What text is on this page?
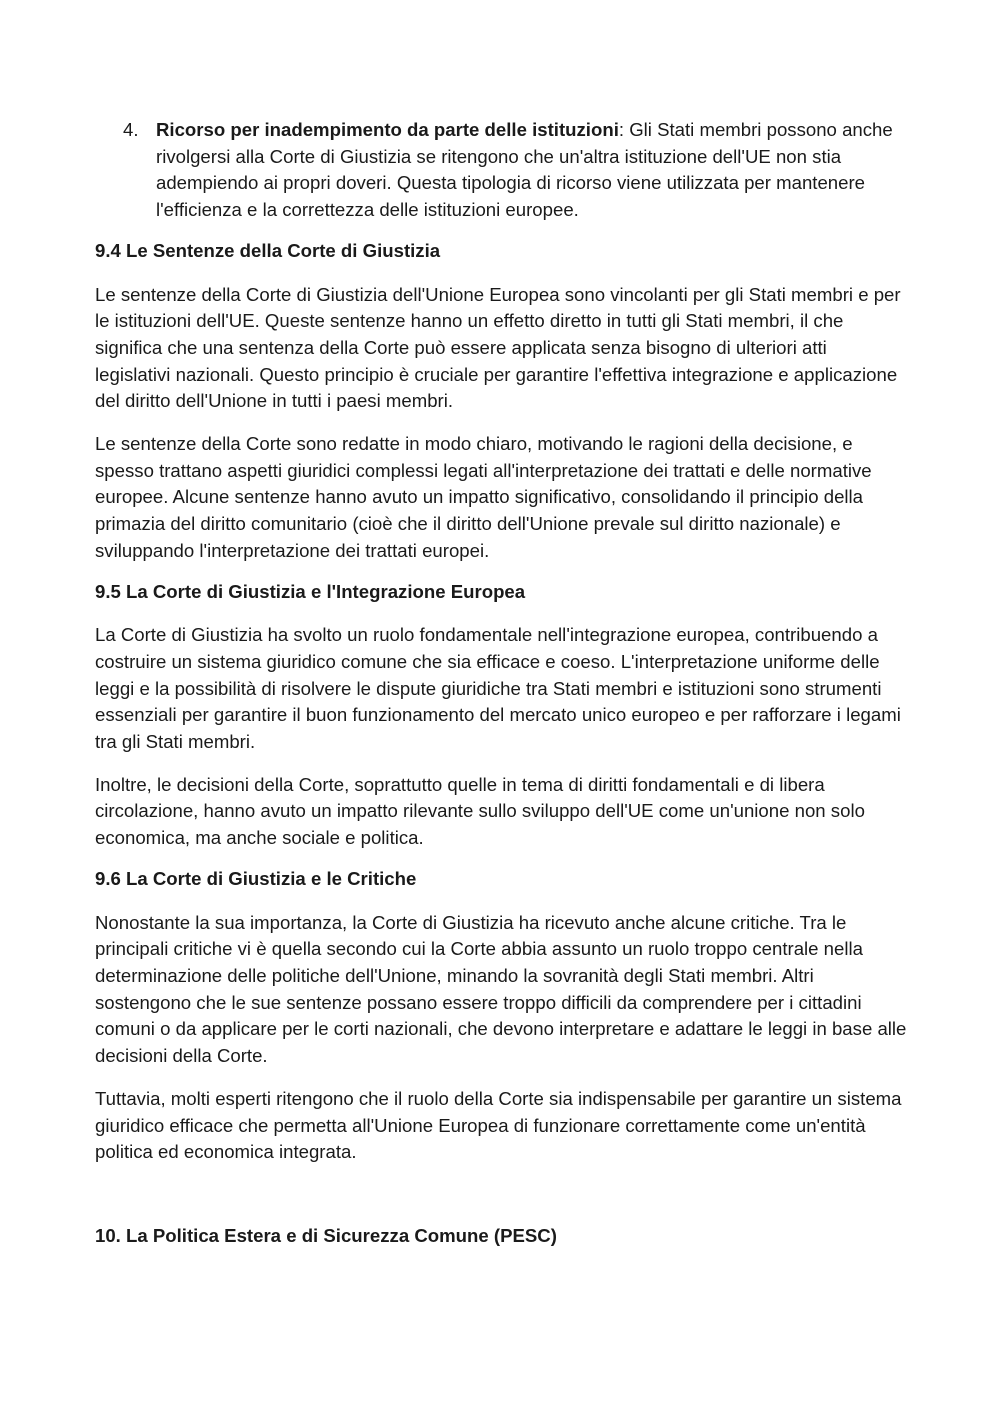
4. Ricorso per inadempimento da parte delle istituzioni: Gli Stati membri possono anche rivolgersi alla Corte di Giustizia se ritengono che un'altra istituzione dell'UE non stia adempiendo ai propri doveri. Questa tipologia di ricorso viene utilizzata per mantenere l'efficienza e la correttezza delle istituzioni europee.
9.4 Le Sentenze della Corte di Giustizia

Le sentenze della Corte di Giustizia dell'Unione Europea sono vincolanti per gli Stati membri e per le istituzioni dell'UE. Queste sentenze hanno un effetto diretto in tutti gli Stati membri, il che significa che una sentenza della Corte può essere applicata senza bisogno di ulteriori atti legislativi nazionali. Questo principio è cruciale per garantire l'effettiva integrazione e applicazione del diritto dell'Unione in tutti i paesi membri.

Le sentenze della Corte sono redatte in modo chiaro, motivando le ragioni della decisione, e spesso trattano aspetti giuridici complessi legati all'interpretazione dei trattati e delle normative europee. Alcune sentenze hanno avuto un impatto significativo, consolidando il principio della primazia del diritto comunitario (cioè che il diritto dell'Unione prevale sul diritto nazionale) e sviluppando l'interpretazione dei trattati europei.

9.5 La Corte di Giustizia e l'Integrazione Europea

La Corte di Giustizia ha svolto un ruolo fondamentale nell'integrazione europea, contribuendo a costruire un sistema giuridico comune che sia efficace e coeso. L'interpretazione uniforme delle leggi e la possibilità di risolvere le dispute giuridiche tra Stati membri e istituzioni sono strumenti essenziali per garantire il buon funzionamento del mercato unico europeo e per rafforzare i legami tra gli Stati membri.

Inoltre, le decisioni della Corte, soprattutto quelle in tema di diritti fondamentali e di libera circolazione, hanno avuto un impatto rilevante sullo sviluppo dell'UE come un'unione non solo economica, ma anche sociale e politica.

9.6 La Corte di Giustizia e le Critiche

Nonostante la sua importanza, la Corte di Giustizia ha ricevuto anche alcune critiche. Tra le principali critiche vi è quella secondo cui la Corte abbia assunto un ruolo troppo centrale nella determinazione delle politiche dell'Unione, minando la sovranità degli Stati membri. Altri sostengono che le sue sentenze possano essere troppo difficili da comprendere per i cittadini comuni o da applicare per le corti nazionali, che devono interpretare e adattare le leggi in base alle decisioni della Corte.

Tuttavia, molti esperti ritengono che il ruolo della Corte sia indispensabile per garantire un sistema giuridico efficace che permetta all'Unione Europea di funzionare correttamente come un'entità politica ed economica integrata.

10. La Politica Estera e di Sicurezza Comune (PESC)
